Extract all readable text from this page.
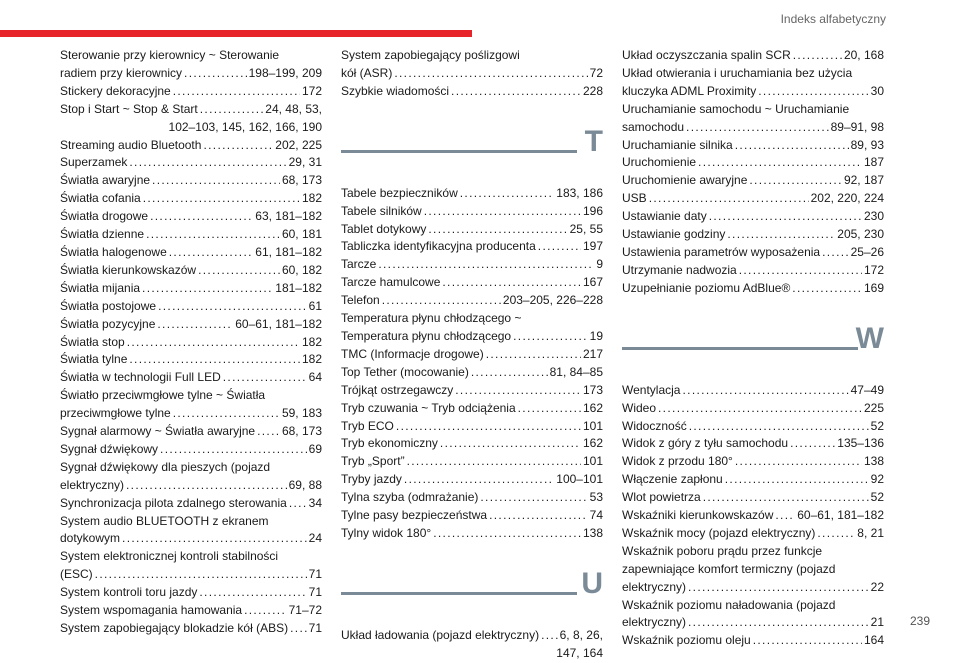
Indeks alfabetyczny
Sterowanie przy kierownicy ~ Sterowanie
radiem przy kierownicy . . .	198–199, 209
Stickery dekoracyjne . . .	172
Stop i Start ~ Stop & Start . . .	24, 48, 53,
102–103, 145, 162, 166, 190
Streaming audio Bluetooth . . .	202, 225
Superzamek . . .	29, 31
Światła awaryjne . . .	68, 173
Światła cofania . . .	182
Światła drogowe . . .	63, 181–182
Światła dzienne . . .	60, 181
Światła halogenowe . . .	61, 181–182
Światła kierunkowskazów . . .	60, 182
Światła mijania . . .	181–182
Światła postojowe . . .	61
Światła pozycyjne . . .	60–61, 181–182
Światła stop . . .	182
Światła tylne . . .	182
Światła w technologii Full LED . . .	64
Światło przeciwmgłowe tylne ~ Światła
przeciwmgłowe tylne . . .	59, 183
Sygnał alarmowy ~ Światła awaryjne . . . 68, 173
Sygnał dźwiękowy . . .	69
Sygnał dźwiękowy dla pieszych (pojazd
elektryczny) . . .	69, 88
Synchronizacja pilota zdalnego sterowania . . . 34
System audio BLUETOOTH z ekranem
dotykowym . . .	24
System elektronicznej kontroli stabilności
(ESC) . . .	71
System kontroli toru jazdy . . .	71
System wspomagania hamowania . . .	71–72
System zapobiegający blokadzie kół (ABS) . . . 71
System zapobiegający poślizgowi
kół (ASR) . . .	72
Szybkie wiadomości . . .	228
T
Tabele bezpieczników . . .	183, 186
Tabele silników . . .	196
Tablet dotykowy . . .	25, 55
Tabliczka identyfikacyjna producenta . . .	197
Tarcze . . .	9
Tarcze hamulcowe . . .	167
Telefon . . .	203–205, 226–228
Temperatura płynu chłodzącego ~
Temperatura płynu chłodzącego . . .	19
TMC (Informacje drogowe) . . .	217
Top Tether (mocowanie) . . .	81, 84–85
Trójkąt ostrzegawczy . . .	173
Tryb czuwania ~ Tryb odciążenia . . .	162
Tryb ECO . . .	101
Tryb ekonomiczny . . .	162
Tryb „Sport” . . .	101
Tryby jazdy . . .	100–101
Tylna szyba (odmrażanie) . . .	53
Tylne pasy bezpieczeństwa . . .	74
Tylny widok 180° . . .	138
U
Układ ładowania (pojazd elektryczny) . . . 6, 8, 26,
147, 164
Układ oczyszczania spalin SCR . . .	20, 168
Układ otwierania i uruchamiania bez użycia
kluczyka ADML Proximity . . .	30
Uruchamianie samochodu ~ Uruchamianie
samochodu . . .	89–91, 98
Uruchamianie silnika . . .	89, 93
Uruchomienie . . .	187
Uruchomienie awaryjne . . .	92, 187
USB . . .	202, 220, 224
Ustawianie daty . . .	230
Ustawianie godziny . . .	205, 230
Ustawienia parametrów wyposażenia . . .	25–26
Utrzymanie nadwozia . . .	172
Uzupełnianie poziomu AdBlue® . . .	169
W
Wentylacja . . .	47–49
Wideo . . .	225
Widoczność . . .	52
Widok z góry z tyłu samochodu . . .	135–136
Widok z przodu 180° . . .	138
Włączenie zapłonu . . .	92
Wlot powietrza . . .	52
Wskaźniki kierunkowskazów . . . 60–61, 181–182
Wskaźnik mocy (pojazd elektryczny) . . .	8, 21
Wskaźnik poboru prądu przez funkcje
zapewniające komfort termiczny (pojazd
elektryczny) . . .	22
Wskaźnik poziomu naładowania (pojazd
elektryczny) . . .	21
Wskaźnik poziomu oleju . . .	164
239
